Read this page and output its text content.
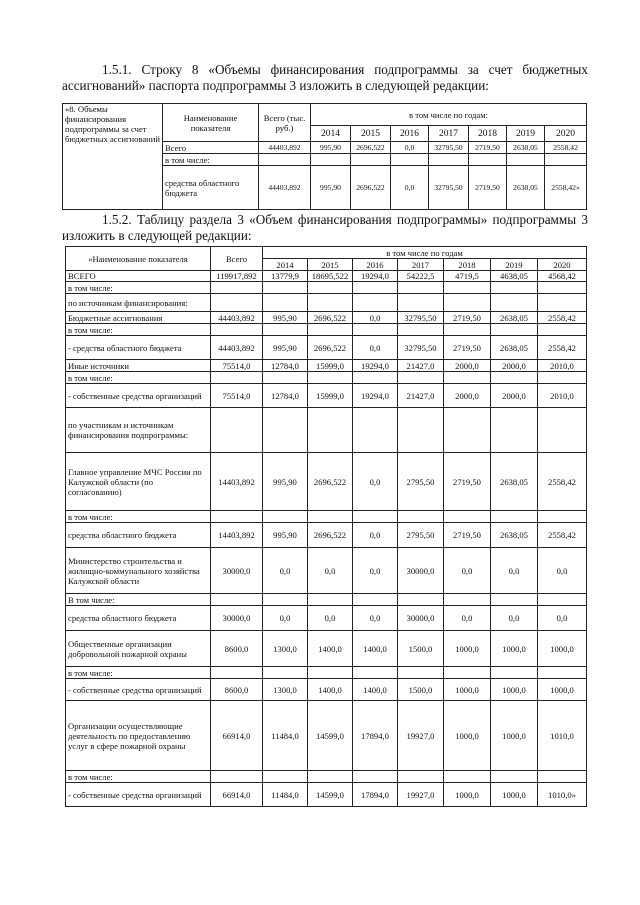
1.5.1. Строку 8 «Объемы финансирования подпрограммы за счет бюджетных ассигнований» паспорта подпрограммы 3 изложить в следующей редакции:
«8. Объемы финансирования подпрограммы за счет бюджетных ассигнований	Наименование показателя	Всего (тыс. руб.)	в том числе по годам:						
			2014	2015	2016	2017	2018	2019	2020
	Всего	44403,892	995,90	2696,522	0,0	32795,50	2719,50	2638,05	2558,42
	в том числе:								
	средства областного бюджета	44403,892	995,90	2696,522	0,0	32795,50	2719,50	2638,05	2558,42»
1.5.2. Таблицу раздела 3 «Объем финансирования подпрограммы» подпрограммы 3 изложить в следующей редакции:
«Наименование показателя	Всего	в том числе по годам						
		2014	2015	2016	2017	2018	2019	2020
ВСЕГО	119917,892	13779,9	18695,522	19294,0	54222,5	4719,5	4638,05	4568,42
в том числе:								
по источникам финансирования:								
Бюджетные ассигнования	44403,892	995,90	2696,522	0,0	32795,50	2719,50	2638,05	2558,42
в том числе:								
- средства областного бюджета	44403,892	995,90	2696,522	0,0	32795,50	2719,50	2638,05	2558,42
Иные источники	75514,0	12784,0	15999,0	19294,0	21427,0	2000,0	2000,0	2010,0
в том числе:								
- собственные средства организаций	75514,0	12784,0	15999,0	19294,0	21427,0	2000,0	2000,0	2010,0
по участникам и источникам финансирования подпрограммы:								
Главное управление МЧС России по Калужской области (по согласованию)	14403,892	995,90	2696,522	0,0	2795,50	2719,50	2638,05	2558,42
в том числе:								
средства областного бюджета	14403,892	995,90	2696,522	0,0	2795,50	2719,50	2638,05	2558,42
Министерство строительства и жилищно-коммунального хозяйства Калужской области	30000,0	0,0	0,0	0,0	30000,0	0,0	0,0	0,0
В том числе:								
средства областного бюджета	30000,0	0,0	0,0	0,0	30000,0	0,0	0,0	0,0
Общественные организации добровольной пожарной охраны	8600,0	1300,0	1400,0	1400,0	1500,0	1000,0	1000,0	1000,0
в том числе:								
- собственные средства организаций	8600,0	1300,0	1400,0	1400,0	1500,0	1000,0	1000,0	1000,0
Организации осуществляющие деятельность по предоставлению услуг в сфере пожарной охраны	66914,0	11484,0	14599,0	17894,0	19927,0	1000,0	1000,0	1010,0
в том числе:								
- собственные средства организаций	66914,0	11484,0	14599,0	17894,0	19927,0	1000,0	1000,0	1010,0»
